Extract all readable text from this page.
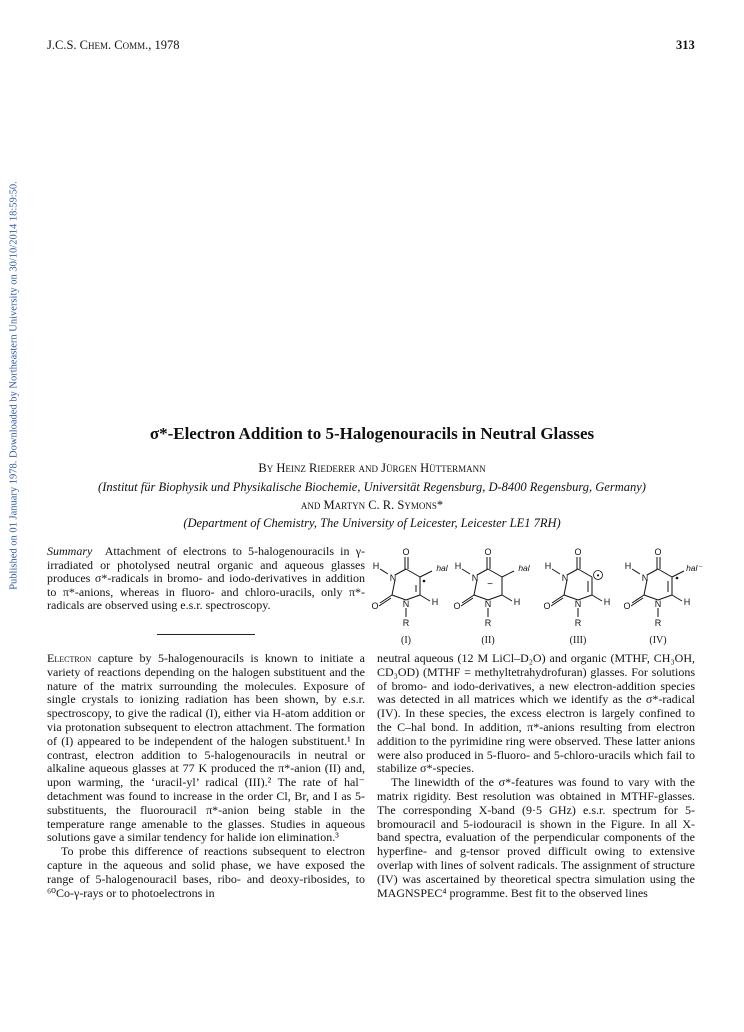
J.C.S. Chem. Comm., 1978	313
Published on 01 January 1978. Downloaded by Northeastern University on 30/10/2014 18:59:50.	σ*-Electron Addition to 5-Halogenouracils in Neutral Glasses
By Heinz Riederer and Jürgen Hüttermann
(Institut für Biophysik und Physikalische Biochemie, Universität Regensburg, D-8400 Regensburg, Germany)
and Martyn C. R. Symons*
(Department of Chemistry, The University of Leicester, Leicester LE1 7RH)
Summary Attachment of electrons to 5-halogenouracils in γ-irradiated or photolysed neutral organic and aqueous glasses produces σ*-radicals in bromo- and iodo-derivatives in addition to π*-anions, whereas in fluoro- and chloro-uracils, only π*-radicals are observed using e.s.r. spectroscopy.
O
O
N
H
N
R
H
hal
(I)
O
O
N
H
N
R
H
hal
−
(II)
O
O
N
H
N
R
H
•
(III)
O
O
N
H
N
R
H
hal⁻
(IV)

Electron capture by 5-halogenouracils is known to initiate a variety of reactions depending on the halogen substituent and the nature of the matrix surrounding the molecules. Exposure of single crystals to ionizing radiation has been shown, by e.s.r. spectroscopy, to give the radical (I), either via H-atom addition or via protonation subsequent to electron attachment. The formation of (I) appeared to be independent of the halogen substituent.¹ In contrast, electron addition to 5-halogenouracils in neutral or alkaline aqueous glasses at 77 K produced the π*-anion (II) and, upon warming, the ‘uracil-yl’ radical (III).² The rate of hal⁻ detachment was found to increase in the order Cl, Br, and I as 5-substituents, the fluorouracil π*-anion being stable in the temperature range amenable to the glasses. Studies in aqueous solutions gave a similar tendency for halide ion elimination.³

To probe this difference of reactions subsequent to electron capture in the aqueous and solid phase, we have exposed the range of 5-halogenouracil bases, ribo- and deoxy-ribosides, to ⁶⁰Co-γ-rays or to photoelectrons in

neutral aqueous (12 M LiCl–D₂O) and organic (MTHF, CH₃OH, CD₃OD) (MTHF = methyltetrahydrofuran) glasses. For solutions of bromo- and iodo-derivatives, a new electron-addition species was detected in all matrices which we identify as the σ*-radical (IV). In these species, the excess electron is largely confined to the C–hal bond. In addition, π*-anions resulting from electron addition to the pyrimidine ring were observed. These latter anions were also produced in 5-fluoro- and 5-chloro-uracils which fail to stabilize σ*-species.

The linewidth of the σ*-features was found to vary with the matrix rigidity. Best resolution was obtained in MTHF-glasses. The corresponding X-band (9·5 GHz) e.s.r. spectrum for 5-bromouracil and 5-iodouracil is shown in the Figure. In all X-band spectra, evaluation of the perpendicular components of the hyperfine- and g-tensor proved difficult owing to extensive overlap with lines of solvent radicals. The assignment of structure (IV) was ascertained by theoretical spectra simulation using the MAGNSPEC⁴ programme. Best fit to the observed lines
